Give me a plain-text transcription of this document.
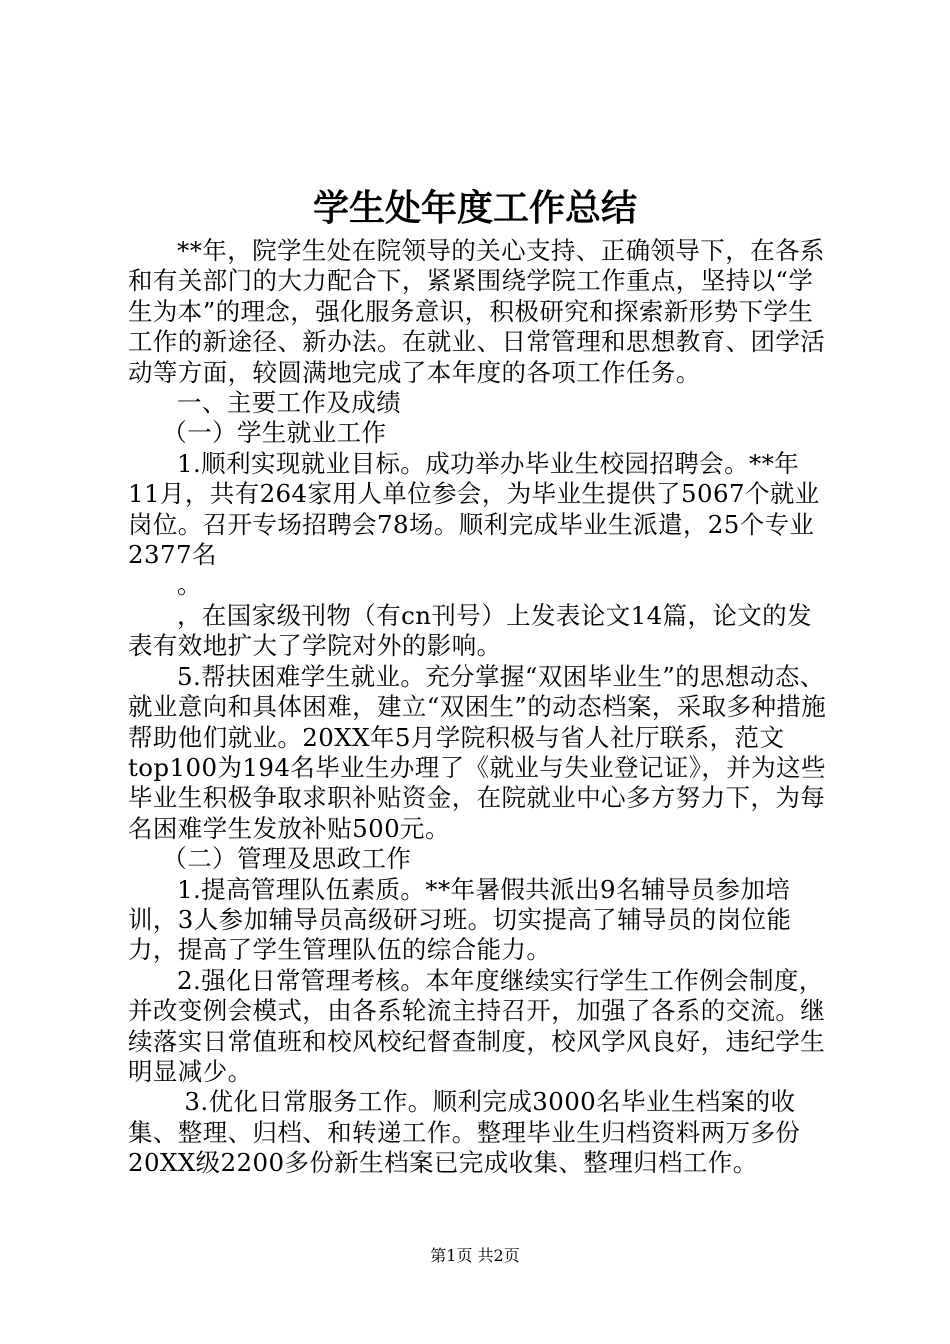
学生处年度工作总结

**年，院学生处在院领导的关心支持、正确领导下，在各系和有关部门的大力配合下，紧紧围绕学院工作重点，坚持以“学生为本”的理念，强化服务意识，积极研究和探索新形势下学生工作的新途径、新办法。在就业、日常管理和思想教育、团学活动等方面，较圆满地完成了本年度的各项工作任务。

一、主要工作及成绩

（一）学生就业工作

1.顺利实现就业目标。成功举办毕业生校园招聘会。**年11月，共有264家用人单位参会，为毕业生提供了5067个就业岗位。召开专场招聘会78场。顺利完成毕业生派遣，25个专业2377名

。

，在国家级刊物（有cn刊号）上发表论文14篇，论文的发表有效地扩大了学院对外的影响。

5.帮扶困难学生就业。充分掌握“双困毕业生”的思想动态、就业意向和具体困难，建立“双困生”的动态档案，采取多种措施帮助他们就业。20XX年5月学院积极与省人社厅联系，范文top100为194名毕业生办理了《就业与失业登记证》，并为这些毕业生积极争取求职补贴资金，在院就业中心多方努力下，为每名困难学生发放补贴500元。

（二）管理及思政工作

1.提高管理队伍素质。**年暑假共派出9名辅导员参加培训，3人参加辅导员高级研习班。切实提高了辅导员的岗位能力，提高了学生管理队伍的综合能力。

2.强化日常管理考核。本年度继续实行学生工作例会制度，并改变例会模式，由各系轮流主持召开，加强了各系的交流。继续落实日常值班和校风校纪督查制度，校风学风良好，违纪学生明显减少。

3.优化日常服务工作。顺利完成3000名毕业生档案的收集、整理、归档、和转递工作。整理毕业生归档资料两万多份20XX级2200多份新生档案已完成收集、整理归档工作。

第1页 共2页
